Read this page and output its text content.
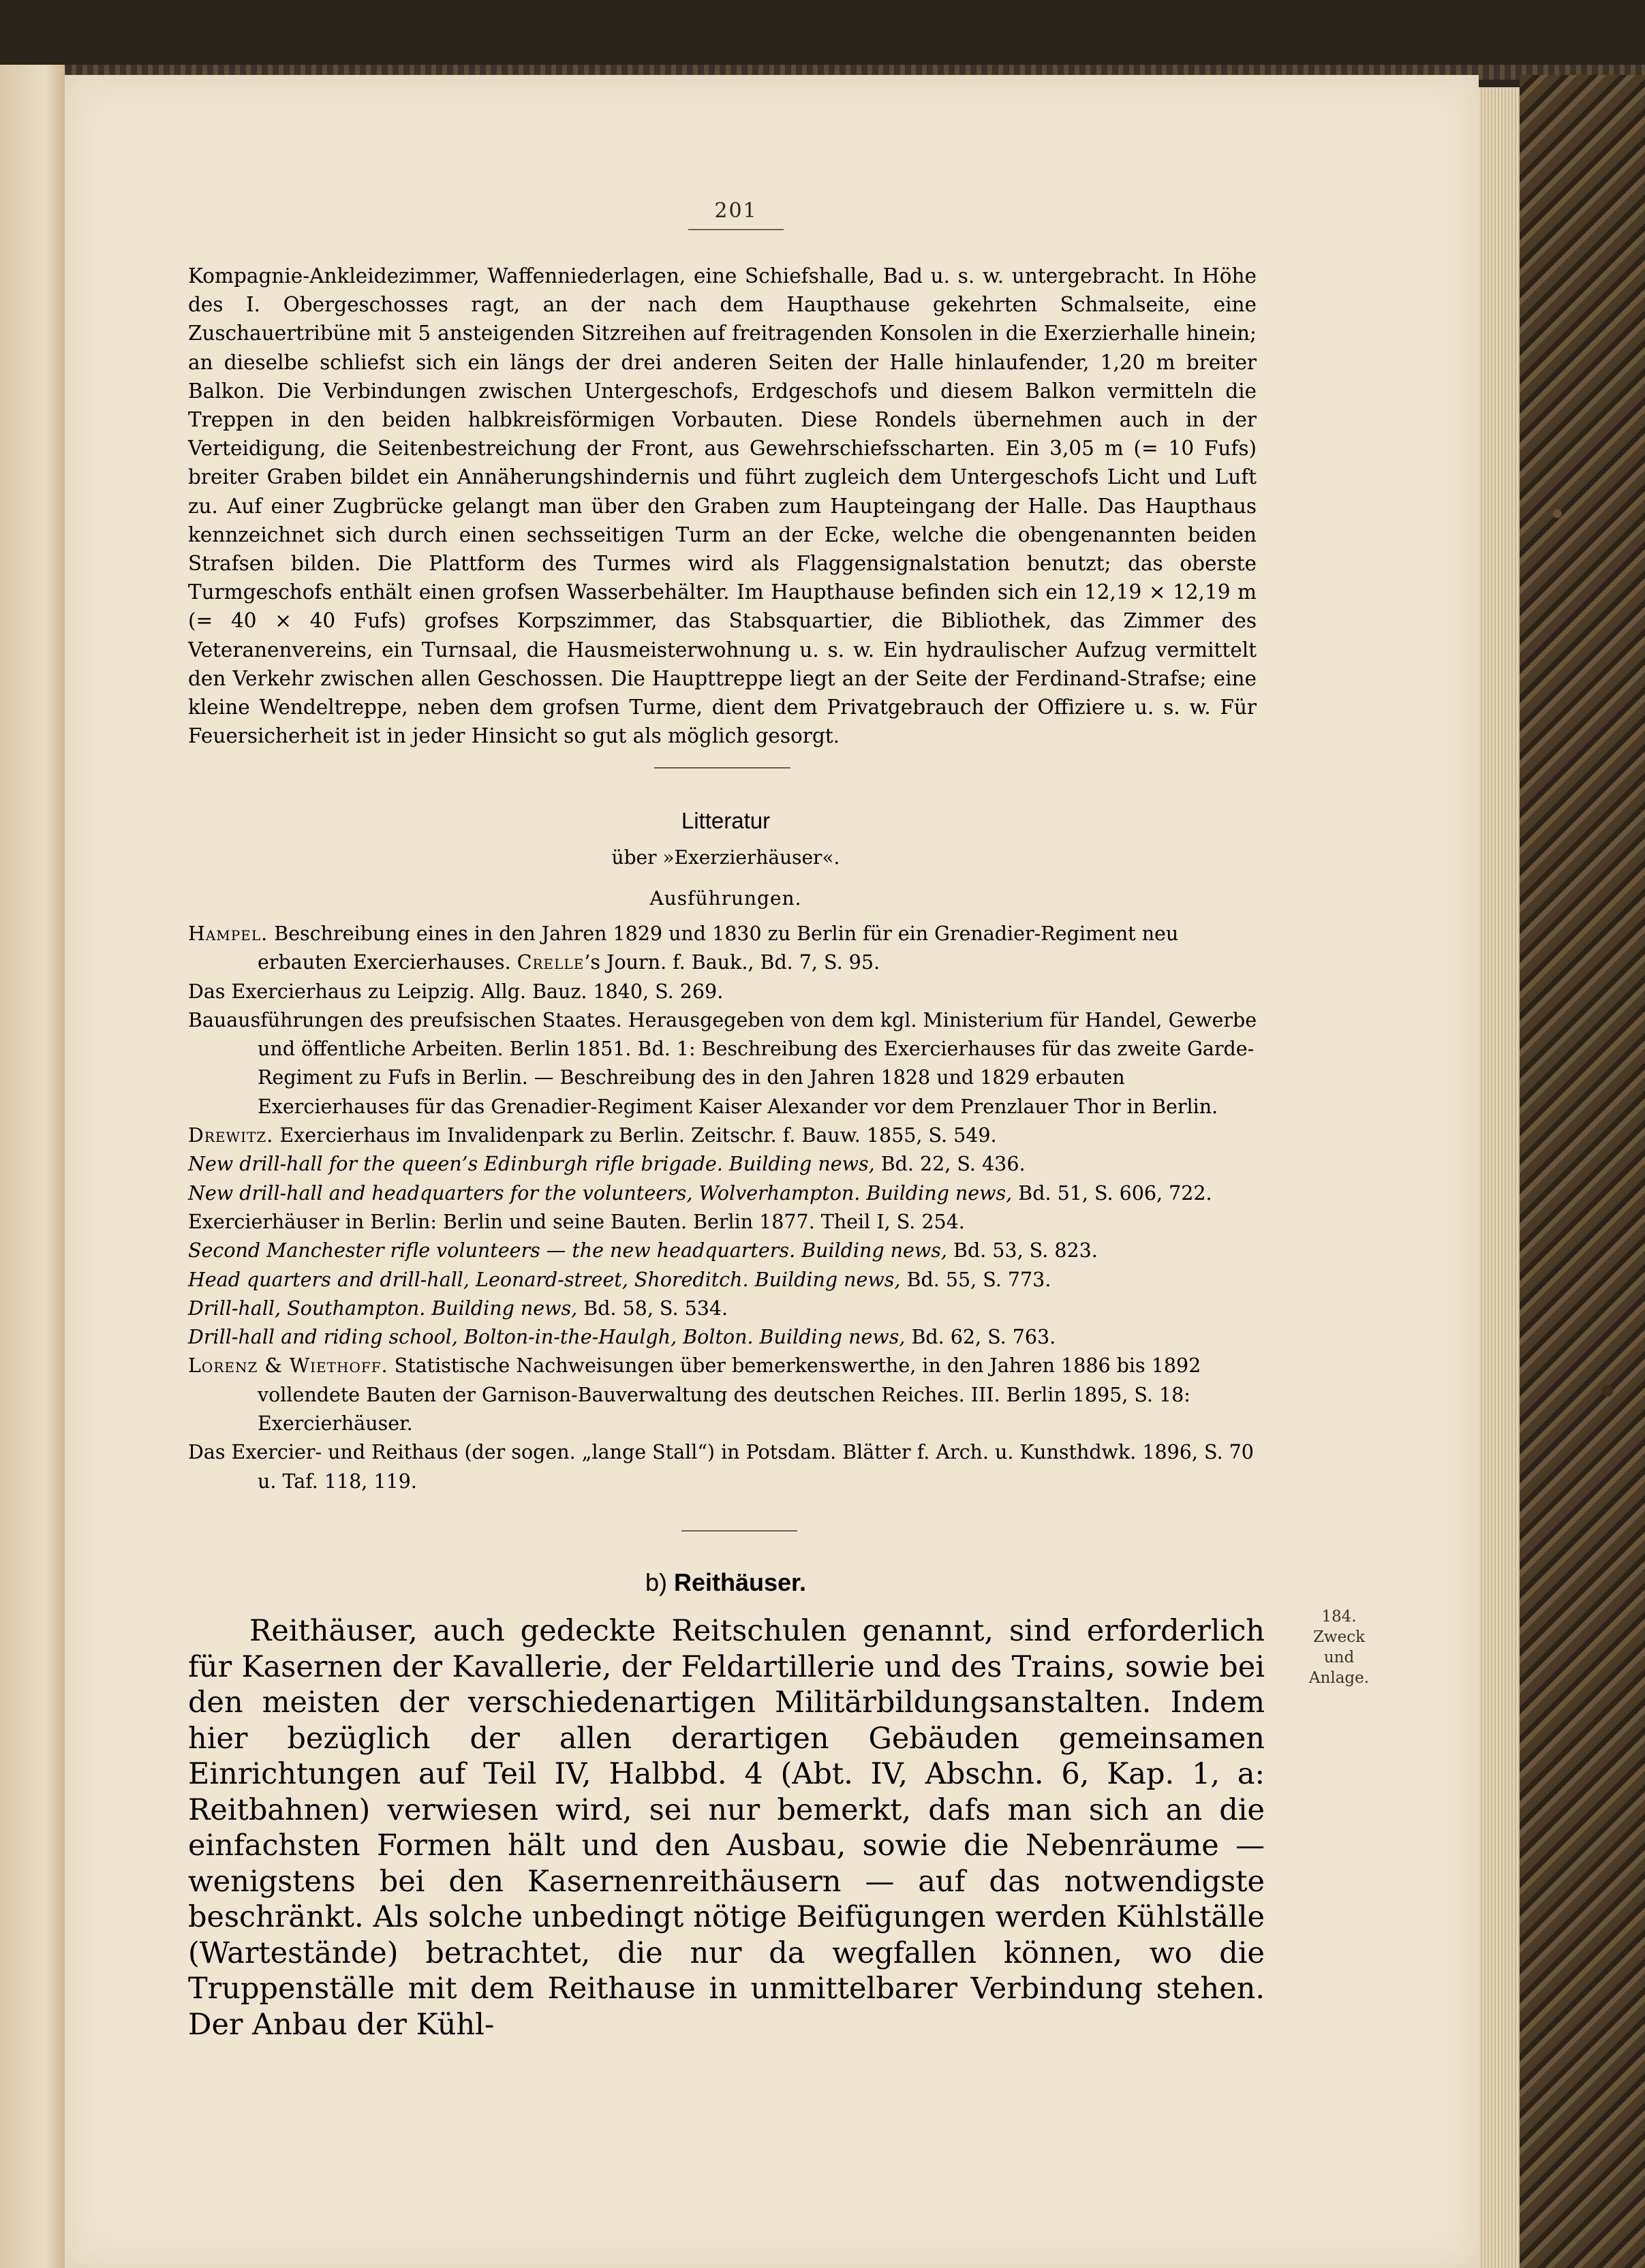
201

Kompagnie-Ankleidezimmer, Waffenniederlagen, eine Schiefshalle, Bad u. s. w. untergebracht. In Höhe des I. Obergeschosses ragt, an der nach dem Haupthause gekehrten Schmalseite, eine Zuschauertribüne mit 5 ansteigenden Sitzreihen auf freitragenden Konsolen in die Exerzierhalle hinein; an dieselbe schliefst sich ein längs der drei anderen Seiten der Halle hinlaufender, 1,20 m breiter Balkon. Die Verbindungen zwischen Untergeschofs, Erdgeschofs und diesem Balkon vermitteln die Treppen in den beiden halbkreisförmigen Vorbauten. Diese Rondels übernehmen auch in der Verteidigung, die Seitenbestreichung der Front, aus Gewehrschiefsscharten. Ein 3,05 m (= 10 Fufs) breiter Graben bildet ein Annäherungshindernis und führt zugleich dem Untergeschofs Licht und Luft zu. Auf einer Zugbrücke gelangt man über den Graben zum Haupteingang der Halle. Das Haupthaus kennzeichnet sich durch einen sechsseitigen Turm an der Ecke, welche die obengenannten beiden Strafsen bilden. Die Plattform des Turmes wird als Flaggensignalstation benutzt; das oberste Turmgeschofs enthält einen grofsen Wasserbehälter. Im Haupthause befinden sich ein 12,19 × 12,19 m (= 40 × 40 Fufs) grofses Korpszimmer, das Stabsquartier, die Bibliothek, das Zimmer des Veteranenvereins, ein Turnsaal, die Hausmeisterwohnung u. s. w. Ein hydraulischer Aufzug vermittelt den Verkehr zwischen allen Geschossen. Die Haupttreppe liegt an der Seite der Ferdinand-Strafse; eine kleine Wendeltreppe, neben dem grofsen Turme, dient dem Privatgebrauch der Offiziere u. s. w. Für Feuersicherheit ist in jeder Hinsicht so gut als möglich gesorgt.

Litteratur
über »Exerzierhäuser«.
Ausführungen.

Hampel. Beschreibung eines in den Jahren 1829 und 1830 zu Berlin für ein Grenadier-Regiment neu erbauten Exercierhauses. Crelle’s Journ. f. Bauk., Bd. 7, S. 95.

Das Exercierhaus zu Leipzig. Allg. Bauz. 1840, S. 269.

Bauausführungen des preufsischen Staates. Herausgegeben von dem kgl. Ministerium für Handel, Gewerbe und öffentliche Arbeiten. Berlin 1851. Bd. 1: Beschreibung des Exercierhauses für das zweite Garde-Regiment zu Fufs in Berlin. — Beschreibung des in den Jahren 1828 und 1829 erbauten Exercierhauses für das Grenadier-Regiment Kaiser Alexander vor dem Prenzlauer Thor in Berlin.

Drewitz. Exercierhaus im Invalidenpark zu Berlin. Zeitschr. f. Bauw. 1855, S. 549.

New drill-hall for the queen’s Edinburgh rifle brigade. Building news, Bd. 22, S. 436.

New drill-hall and headquarters for the volunteers, Wolverhampton. Building news, Bd. 51, S. 606, 722.

Exercierhäuser in Berlin: Berlin und seine Bauten. Berlin 1877. Theil I, S. 254.

Second Manchester rifle volunteers — the new headquarters. Building news, Bd. 53, S. 823.

Head quarters and drill-hall, Leonard-street, Shoreditch. Building news, Bd. 55, S. 773.

Drill-hall, Southampton. Building news, Bd. 58, S. 534.

Drill-hall and riding school, Bolton-in-the-Haulgh, Bolton. Building news, Bd. 62, S. 763.

Lorenz & Wiethoff. Statistische Nachweisungen über bemerkenswerthe, in den Jahren 1886 bis 1892 vollendete Bauten der Garnison-Bauverwaltung des deutschen Reiches. III. Berlin 1895, S. 18: Exercierhäuser.

Das Exercier- und Reithaus (der sogen. „lange Stall“) in Potsdam. Blätter f. Arch. u. Kunsthdwk. 1896, S. 70 u. Taf. 118, 119.

b) Reithäuser.

Reithäuser, auch gedeckte Reitschulen genannt, sind erforderlich für Kasernen der Kavallerie, der Feldartillerie und des Trains, sowie bei den meisten der verschiedenartigen Militärbildungsanstalten. Indem hier bezüglich der allen derartigen Gebäuden gemeinsamen Einrichtungen auf Teil IV, Halbbd. 4 (Abt. IV, Abschn. 6, Kap. 1, a: Reitbahnen) verwiesen wird, sei nur bemerkt, dafs man sich an die einfachsten Formen hält und den Ausbau, sowie die Nebenräume — wenigstens bei den Kasernenreithäusern — auf das notwendigste beschränkt. Als solche unbedingt nötige Beifügungen werden Kühlställe (Wartestände) betrachtet, die nur da wegfallen können, wo die Truppenställe mit dem Reithause in unmittelbarer Verbindung stehen. Der Anbau der Kühl-

184.
Zweck
und
Anlage.
